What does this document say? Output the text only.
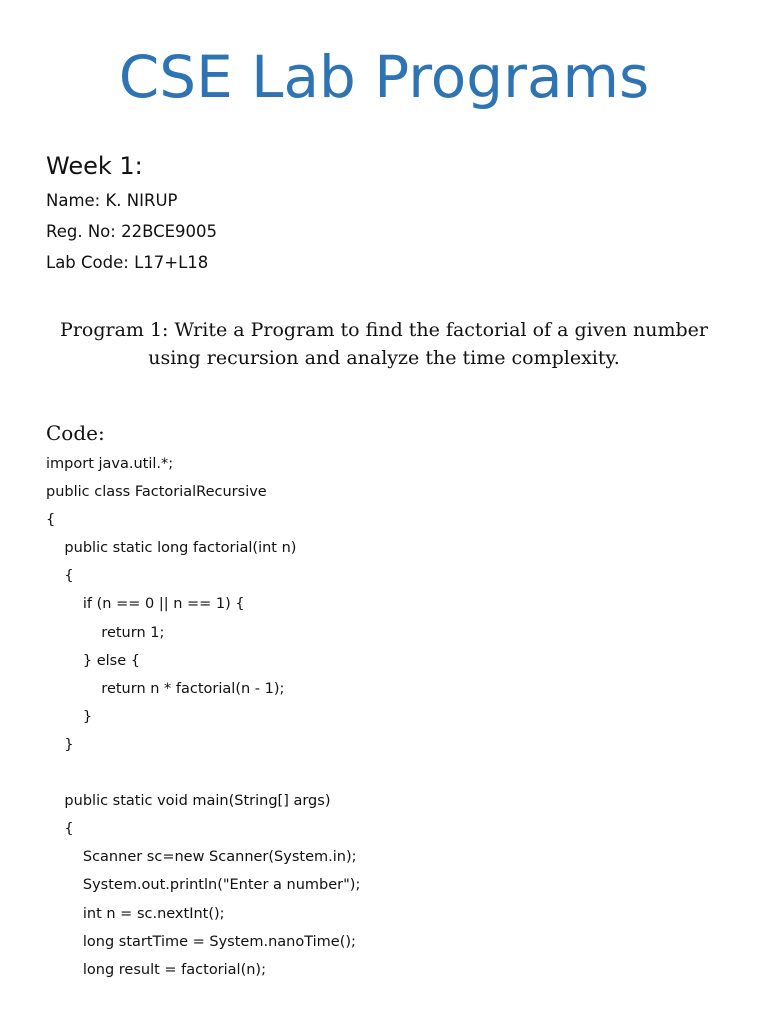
CSE Lab Programs
Week 1:
Name: K. NIRUP
Reg. No: 22BCE9005
Lab Code: L17+L18
Program 1: Write a Program to find the factorial of a given number
using recursion and analyze the time complexity.
Code:
import java.util.*;
public class FactorialRecursive
{
public static long factorial(int n)
{
if (n == 0 || n == 1) {
return 1;
} else {
return n * factorial(n - 1);
}
}
public static void main(String[] args)
{
Scanner sc=new Scanner(System.in);
System.out.println("Enter a number");
int n = sc.nextInt();
long startTime = System.nanoTime();
long result = factorial(n);
